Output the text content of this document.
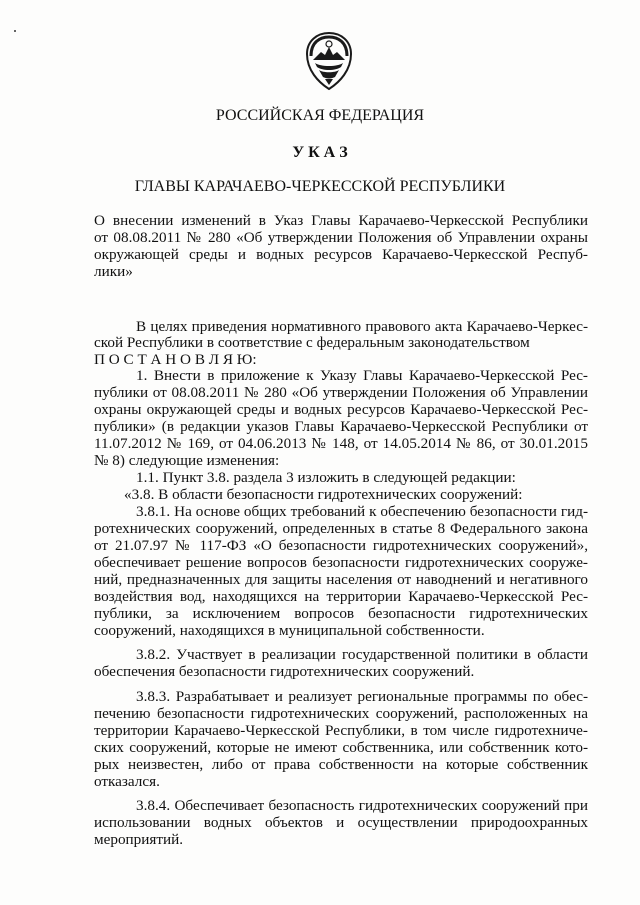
РОССИЙСКАЯ ФЕДЕРАЦИЯ
У К А З
ГЛАВЫ КАРАЧАЕВО-ЧЕРКЕССКОЙ РЕСПУБЛИКИ
О внесении изменений в Указ Главы Карачаево-Черкесской Республики
от 08.08.2011 № 280 «Об утверждении Положения об Управлении охраны
окружающей среды и водных ресурсов Карачаево-Черкесской Респуб-
лики»
В целях приведения нормативного правового акта Карачаево-Черкес-
ской Республики в соответствие с федеральным законодательством
П О С Т А Н О В Л Я Ю:
1. Внести в приложение к Указу Главы Карачаево-Черкесской Рес-
публики от 08.08.2011 № 280 «Об утверждении Положения об Управлении
охраны окружающей среды и водных ресурсов Карачаево-Черкесской Рес-
публики» (в редакции указов Главы Карачаево-Черкесской Республики от
11.07.2012 № 169, от 04.06.2013 № 148, от 14.05.2014 № 86, от 30.01.2015
№ 8) следующие изменения:
1.1. Пункт 3.8. раздела 3 изложить в следующей редакции:
«3.8. В области безопасности гидротехнических сооружений:
3.8.1. На основе общих требований к обеспечению безопасности гид-
ротехнических сооружений, определенных в статье 8 Федерального закона
от 21.07.97 № 117-ФЗ «О безопасности гидротехнических сооружений»,
обеспечивает решение вопросов безопасности гидротехнических сооруже-
ний, предназначенных для защиты населения от наводнений и негативного
воздействия вод, находящихся на территории Карачаево-Черкесской Рес-
публики, за исключением вопросов безопасности гидротехнических
сооружений, находящихся в муниципальной собственности.
3.8.2. Участвует в реализации государственной политики в области
обеспечения безопасности гидротехнических сооружений.
3.8.3. Разрабатывает и реализует региональные программы по обес-
печению безопасности гидротехнических сооружений, расположенных на
территории Карачаево-Черкесской Республики, в том числе гидротехниче-
ских сооружений, которые не имеют собственника, или собственник кото-
рых неизвестен, либо от права собственности на которые собственник
отказался.
3.8.4. Обеспечивает безопасность гидротехнических сооружений при
использовании водных объектов и осуществлении природоохранных
мероприятий.
